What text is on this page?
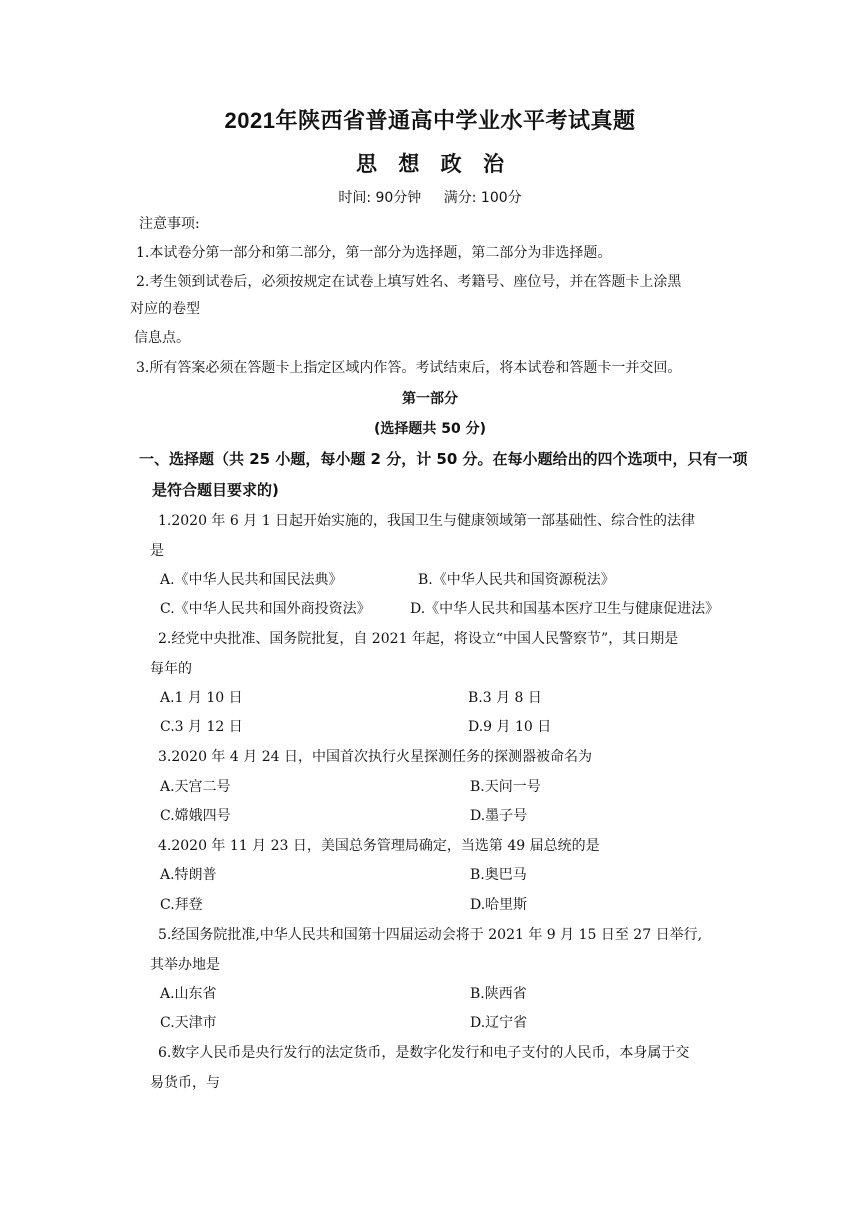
2021年陕西省普通高中学业水平考试真题
思 想 政 治
时间: 90分钟 满分: 100分
注意事项:
1.本试卷分第一部分和第二部分，第一部分为选择题，第二部分为非选择题。
2.考生领到试卷后，必须按规定在试卷上填写姓名、考籍号、座位号，并在答题卡上涂黑
对应的卷型
信息点。
3.所有答案必须在答题卡上指定区域内作答。考试结束后，将本试卷和答题卡一并交回。
第一部分
(选择题共 50 分)
一、选择题（共 25 小题，每小题 2 分，计 50 分。在每小题给出的四个选项中，只有一项
是符合题目要求的)
1.2020 年 6 月 1 日起开始实施的，我国卫生与健康领域第一部基础性、综合性的法律
是
A.《中华人民共和国民法典》	B.《中华人民共和国资源税法》
C.《中华人民共和国外商投资法》	D.《中华人民共和国基本医疗卫生与健康促进法》
2.经党中央批准、国务院批复，自 2021 年起，将设立“中国人民警察节”，其日期是
每年的
A.1 月 10 日	B.3 月 8 日
C.3 月 12 日	D.9 月 10 日
3.2020 年 4 月 24 日，中国首次执行火星探测任务的探测器被命名为
A.天宫二号	B.天问一号
C.嫦娥四号	D.墨子号
4.2020 年 11 月 23 日，美国总务管理局确定，当选第 49 届总统的是
A.特朗普	B.奥巴马
C.拜登	D.哈里斯
5.经国务院批准,中华人民共和国第十四届运动会将于 2021 年 9 月 15 日至 27 日举行,
其举办地是
A.山东省	B.陕西省
C.天津市	D.辽宁省
6.数字人民币是央行发行的法定货币，是数字化发行和电子支付的人民币，本身属于交
易货币，与
